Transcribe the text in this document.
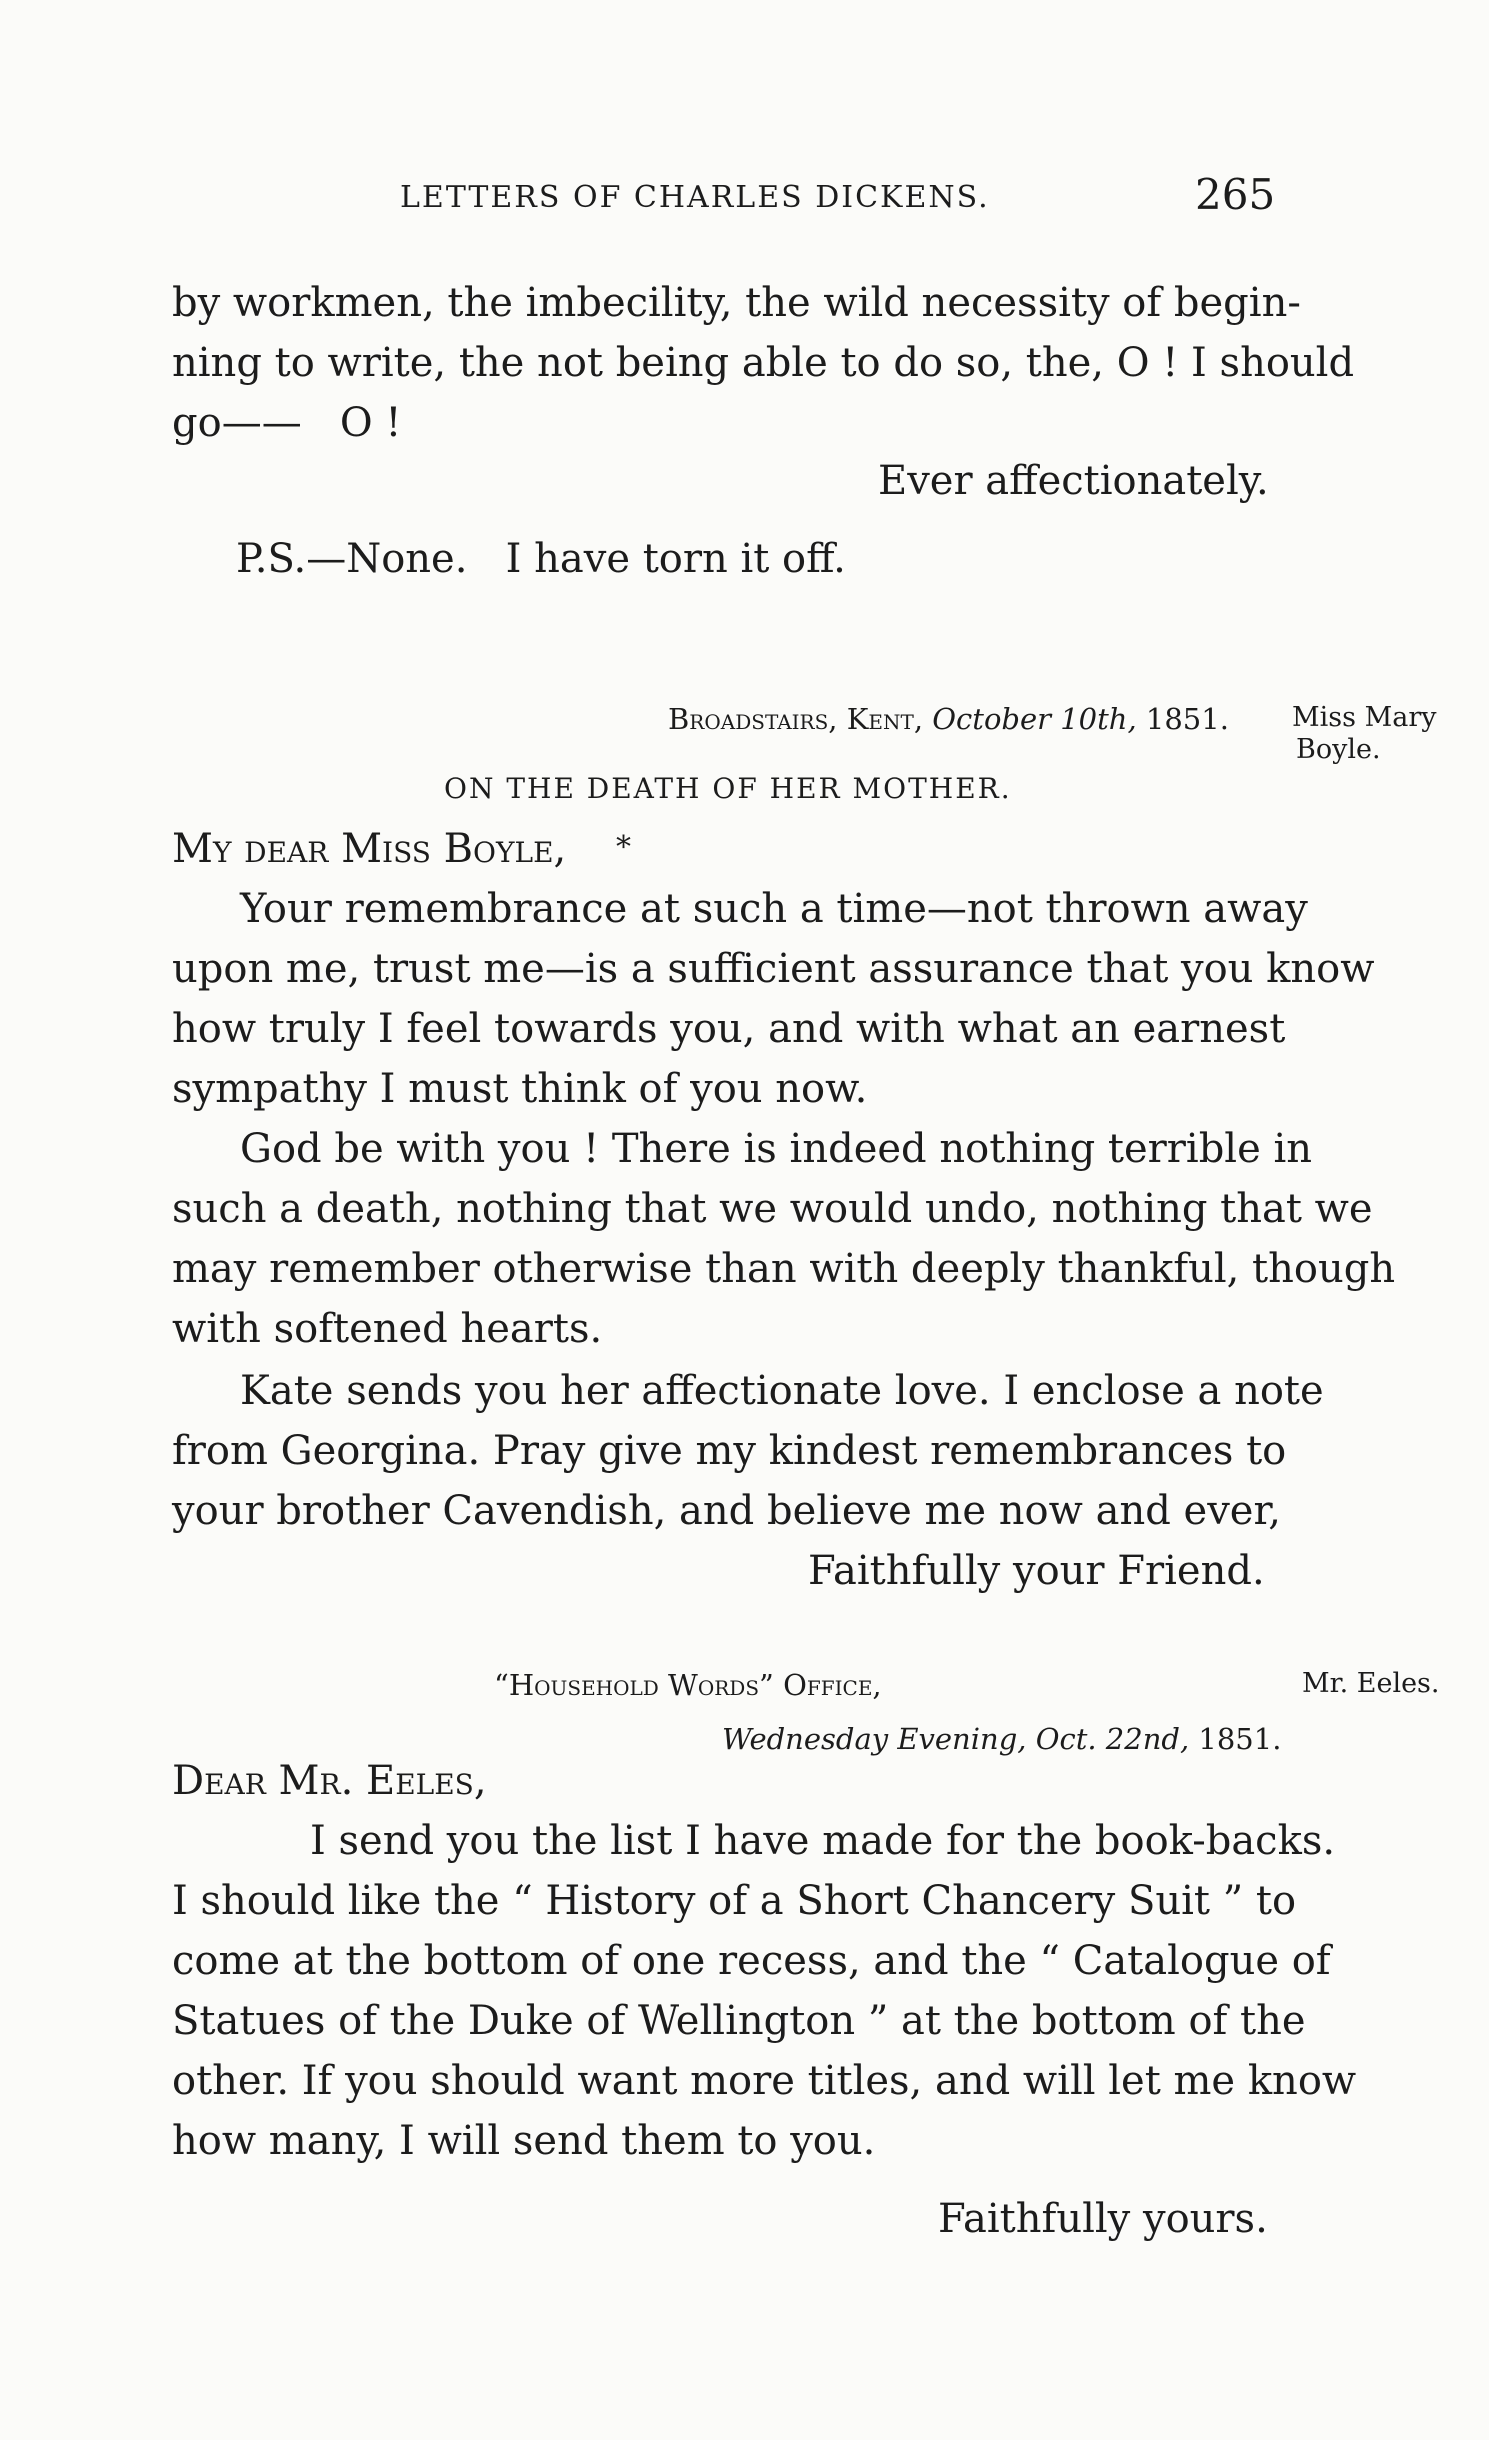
LETTERS OF CHARLES DICKENS.	265
by workmen, the imbecility, the wild necessity of begin-
ning to write, the not being able to do so, the, O ! I should
go——   O !
Ever affectionately.
P.S.—None.   I have torn it off.
Broadstairs, Kent, October 10th, 1851. Miss Mary
Boyle.
ON THE DEATH OF HER MOTHER.
My dear Miss Boyle, *
Your remembrance at such a time—not thrown away
upon me, trust me—is a sufficient assurance that you know
how truly I feel towards you, and with what an earnest
sympathy I must think of you now.
God be with you ! There is indeed nothing terrible in
such a death, nothing that we would undo, nothing that we
may remember otherwise than with deeply thankful, though
with softened hearts.
Kate sends you her affectionate love. I enclose a note
from Georgina. Pray give my kindest remembrances to
your brother Cavendish, and believe me now and ever,
Faithfully your Friend.
“Household Words” Office,	Mr. Eeles.
Wednesday Evening, Oct. 22nd, 1851.
Dear Mr. Eeles,
I send you the list I have made for the book-backs.
I should like the “ History of a Short Chancery Suit ” to
come at the bottom of one recess, and the “ Catalogue of
Statues of the Duke of Wellington ” at the bottom of the
other. If you should want more titles, and will let me know
how many, I will send them to you.
Faithfully yours.
